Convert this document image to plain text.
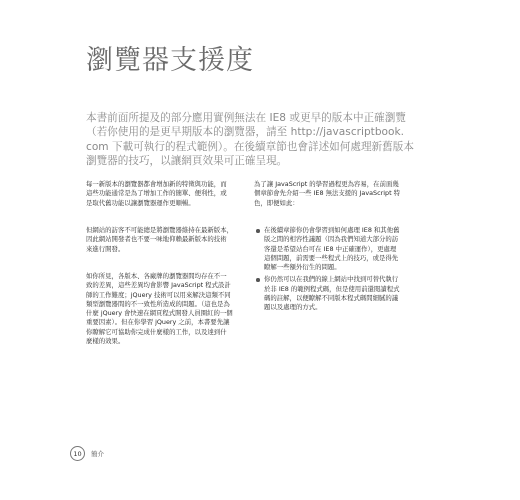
瀏覽器支援度
本書前面所提及的部分應用實例無法在 IE8 或更早的版本中正確瀏覽
（若你使用的是更早期版本的瀏覽器，請至 http://javascriptbook.
com 下載可執行的程式範例）。在後續章節也會詳述如何處理新舊版本
瀏覽器的技巧，以讓網頁效果可正確呈現。
每一新版本的瀏覽器都會增加新的特徵與功能，而
這些功能通常是為了增加工作的簡單、便利性，或
是取代舊功能以讓瀏覽器運作更順暢。
但網站的訪客不可能總是將瀏覽器維持在最新版本，
因此網站開發者也不要一味地仰賴最新版本的技術
來進行開發。
如你所見，各版本、各廠牌的瀏覽器間均存在不一
致的差異，這些差異均會影響 JavaScript 程式設計
師的工作難度；jQuery 技術可以用來解決這類不同
類型瀏覽器間的不一致性所造成的問題。（這也是為
什麼 jQuery 會快速在網頁程式開發人員圈紅的一個
重要因素）。但在你學習 jQuery 之前，本書要先讓
你瞭解它可協助你完成什麼樣的工作，以及達到什
麼樣的效果。
為了讓 JavaScript 的學習過程更為容易，在前面幾
個章節會先介紹一些 IE8 無法支援的 JavaScript 特
色，即便如此：
在後續章節你仍會學習到如何處理 IE8 和其他舊
版之間的相容性議題（因為我們知道大部分的訪
客還是希望站台可在 IE8 中正確運作），更處理
這個問題，前需要一些程式上的技巧，或是得先
瞭解一些額外衍生的問題。
你仍然可以在我們的線上網站中找到可替代執行
於非 IE8 的範例程式碼，但是使用前還閱讀程式
碼的註解，以便瞭解不同版本程式碼間細膩的議
題以及處理的方式。
10	簡介
